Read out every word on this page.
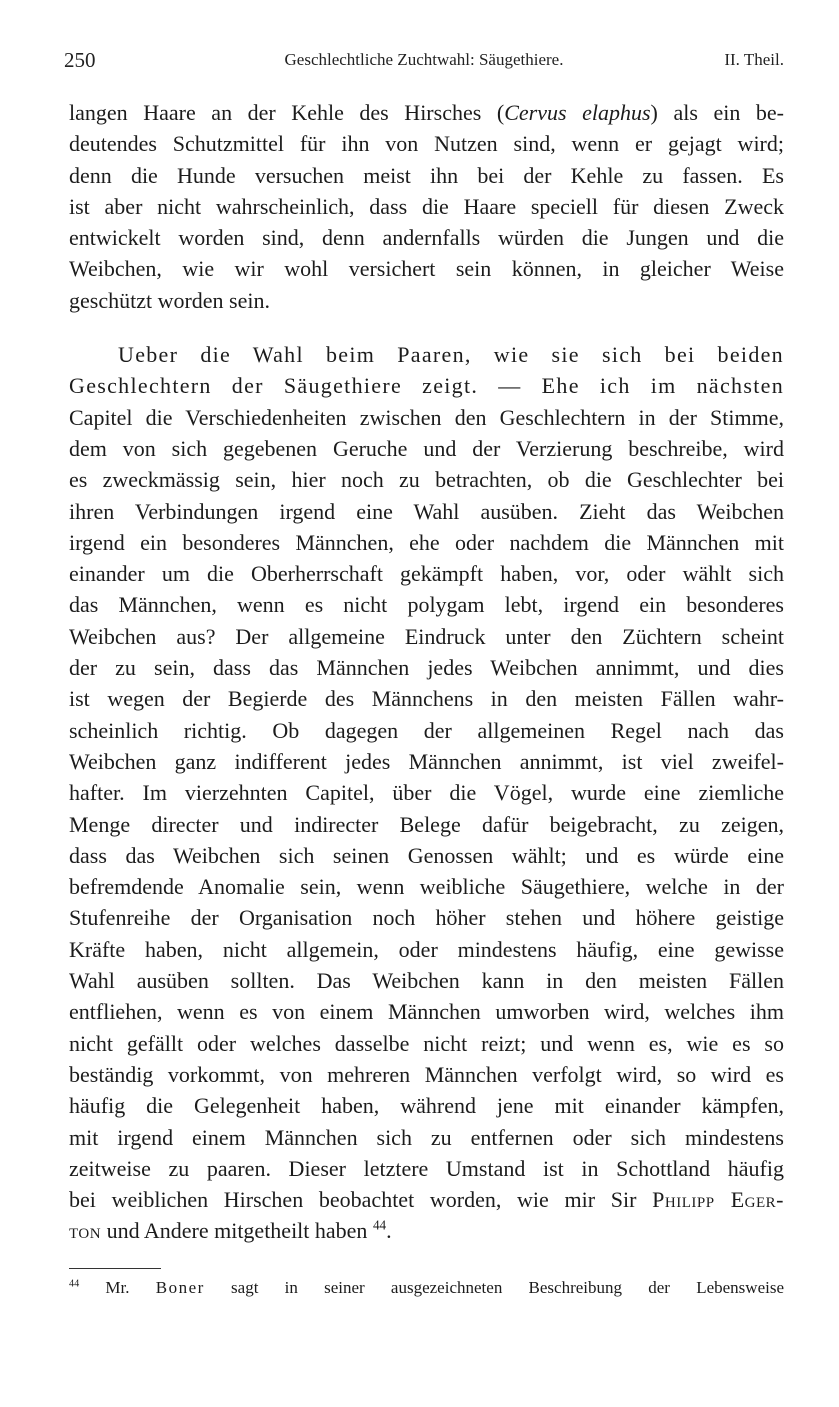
250	Geschlechtliche Zuchtwahl: Säugethiere.	II. Theil.
langen Haare an der Kehle des Hirsches (Cervus elaphus) als ein be-
deutendes Schutzmittel für ihn von Nutzen sind, wenn er gejagt wird;
denn die Hunde versuchen meist ihn bei der Kehle zu fassen. Es
ist aber nicht wahrscheinlich, dass die Haare speciell für diesen Zweck
entwickelt worden sind, denn andernfalls würden die Jungen und die
Weibchen, wie wir wohl versichert sein können, in gleicher Weise
geschützt worden sein.
Ueber die Wahl beim Paaren, wie sie sich bei beiden
Geschlechtern der Säugethiere zeigt. — Ehe ich im nächsten
Capitel die Verschiedenheiten zwischen den Geschlechtern in der Stimme,
dem von sich gegebenen Geruche und der Verzierung beschreibe, wird
es zweckmässig sein, hier noch zu betrachten, ob die Geschlechter bei
ihren Verbindungen irgend eine Wahl ausüben. Zieht das Weibchen
irgend ein besonderes Männchen, ehe oder nachdem die Männchen mit
einander um die Oberherrschaft gekämpft haben, vor, oder wählt sich
das Männchen, wenn es nicht polygam lebt, irgend ein besonderes
Weibchen aus? Der allgemeine Eindruck unter den Züchtern scheint
der zu sein, dass das Männchen jedes Weibchen annimmt, und dies
ist wegen der Begierde des Männchens in den meisten Fällen wahr-
scheinlich richtig. Ob dagegen der allgemeinen Regel nach das
Weibchen ganz indifferent jedes Männchen annimmt, ist viel zweifel-
hafter. Im vierzehnten Capitel, über die Vögel, wurde eine ziemliche
Menge directer und indirecter Belege dafür beigebracht, zu zeigen,
dass das Weibchen sich seinen Genossen wählt; und es würde eine
befremdende Anomalie sein, wenn weibliche Säugethiere, welche in der
Stufenreihe der Organisation noch höher stehen und höhere geistige
Kräfte haben, nicht allgemein, oder mindestens häufig, eine gewisse
Wahl ausüben sollten. Das Weibchen kann in den meisten Fällen
entfliehen, wenn es von einem Männchen umworben wird, welches ihm
nicht gefällt oder welches dasselbe nicht reizt; und wenn es, wie es so
beständig vorkommt, von mehreren Männchen verfolgt wird, so wird es
häufig die Gelegenheit haben, während jene mit einander kämpfen,
mit irgend einem Männchen sich zu entfernen oder sich mindestens
zeitweise zu paaren. Dieser letztere Umstand ist in Schottland häufig
bei weiblichen Hirschen beobachtet worden, wie mir Sir Philipp Eger-
ton und Andere mitgetheilt haben $^{44}$.
$^{44}$ Mr. Boner sagt in seiner ausgezeichneten Beschreibung der Lebensweise
